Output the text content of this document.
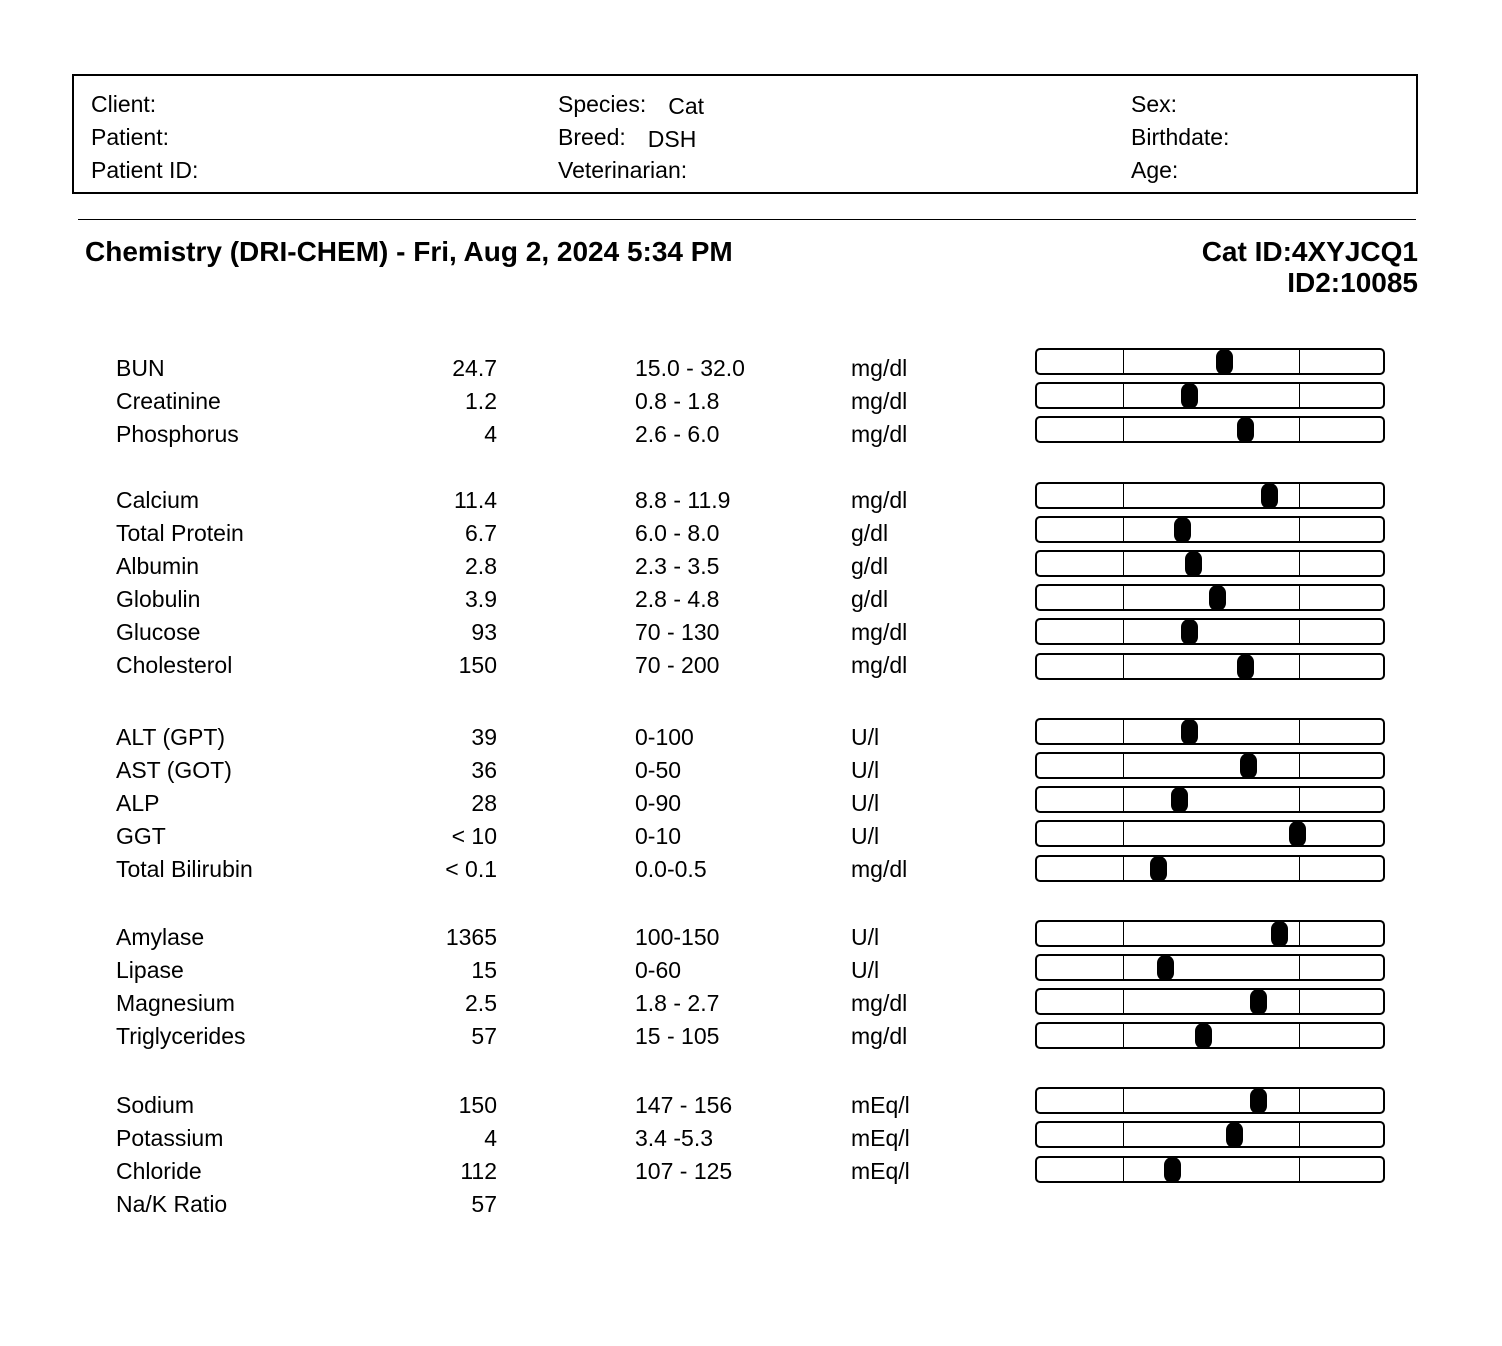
Client:
Patient:
Patient ID:
Species: Cat
Breed: DSH
Veterinarian:
Sex:
Birthdate:
Age:
Chemistry (DRI-CHEM) - Fri, Aug 2, 2024 5:34 PM	Cat ID:4XYJCQ1
ID2:10085
BUN	24.7	15.0 - 32.0	mg/dl
Creatinine	1.2	0.8 - 1.8	mg/dl
Phosphorus	4	2.6 - 6.0	mg/dl
Calcium	11.4	8.8 - 11.9	mg/dl
Total Protein	6.7	6.0 - 8.0	g/dl
Albumin	2.8	2.3 - 3.5	g/dl
Globulin	3.9	2.8 - 4.8	g/dl
Glucose	93	70 - 130	mg/dl
Cholesterol	150	70 - 200	mg/dl
ALT (GPT)	39	0-100	U/l
AST (GOT)	36	0-50	U/l
ALP	28	0-90	U/l
GGT	< 10	0-10	U/l
Total Bilirubin	< 0.1	0.0-0.5	mg/dl
Amylase	1365	100-150	U/l
Lipase	15	0-60	U/l
Magnesium	2.5	1.8 - 2.7	mg/dl
Triglycerides	57	15 - 105	mg/dl
Sodium	150	147 - 156	mEq/l
Potassium	4	3.4 -5.3	mEq/l
Chloride	112	107 - 125	mEq/l
Na/K Ratio	57
